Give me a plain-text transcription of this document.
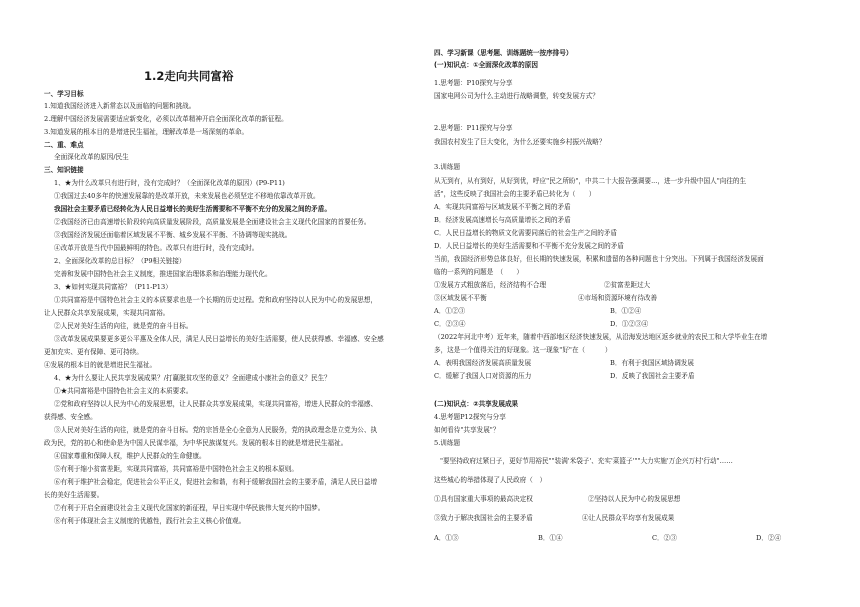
1.2走向共同富裕
一、学习目标
1.知道我国经济进入新常态以及面临的问题和挑战。
2.理解中国经济发展需要适应新变化，必须以改革精神开启全面深化改革的新征程。
3.知道发展的根本目的是增进民生福祉，理解改革是一场深刻的革命。
二、重、难点
全面深化改革的原因/民生
三、知识链接
1、★为什么改革只有进行时，没有完成时？（全面深化改革的原因）(P9-P11)
①我国过去40多年的快速发展靠的是改革开放，未来发展也必须坚定不移地依靠改革开放。
我国社会主要矛盾已经转化为人民日益增长的美好生活需要和不平衡不充分的发展之间的矛盾。
②我国经济已由高速增长阶段转向高质量发展阶段，高质量发展是全面建设社会主义现代化国家的首要任务。
③我国经济发展还面临着区域发展不平衡、城乡发展不平衡、不协调等现实挑战。
④改革开放是当代中国最鲜明的特色。改革只有进行时，没有完成时。
2、全面深化改革的总目标？（P9相关链接）
完善和发展中国特色社会主义制度，推进国家治理体系和治理能力现代化。
3、★如何实现共同富裕？（P11-P13）
①共同富裕是中国特色社会主义的本质要求也是一个长期的历史过程。党和政府坚持以人民为中心的发展思想，
让人民群众共享发展成果，实现共同富裕。
②人民对美好生活的向往，就是党的奋斗目标。
③改革发展成果要更多更公平惠及全体人民，满足人民日益增长的美好生活需要，使人民获得感、幸福感、安全感
更加充实、更有保障、更可持续。
④发展的根本目的就是增进民生福祉。
4、★为什么要让人民共享发展成果？/打赢脱贫攻坚的意义？全面建成小康社会的意义？民生？
①★共同富裕是中国特色社会主义的本质要求。
②党和政府坚持以人民为中心的发展思想，让人民群众共享发展成果，实现共同富裕，增进人民群众的幸福感、
获得感、安全感。
③人民对美好生活的向往，就是党的奋斗目标。党的宗旨是全心全意为人民服务，党的执政理念是立党为公、执
政为民，党的初心和使命是为中国人民谋幸福，为中华民族谋复兴。发展的根本目的就是增进民生福祉。
④国家尊重和保障人权，维护人民群众的生命健康。
⑤有利于缩小贫富差距，实现共同富裕，共同富裕是中国特色社会主义的根本原则。
⑥有利于维护社会稳定，促进社会公平正义，促进社会和谐，有利于缓解我国社会的主要矛盾，满足人民日益增
长的美好生活需要。
⑦有利于开启全面建设社会主义现代化国家的新征程，早日实现中华民族伟大复兴的中国梦。
⑧有利于体现社会主义制度的优越性，践行社会主义核心价值观。
四、学习新课（思考题、训练题统一按序排号）
(一)知识点：①全面深化改革的原因
1.思考题：P10探究与分享
国家电网公司为什么主动进行战略调整，转变发展方式？
2.思考题：P11探究与分享
我国农村发生了巨大变化，为什么还要实施乡村振兴战略？
3.训练题
从无到有，从有到好，从好到优，呼应"民之所盼"，中共二十大报告强调要...，进一步升级中国人"向往的生
活"，这些反映了我国社会的主要矛盾已转化为（　　）
A．实现共同富裕与区域发展不平衡之间的矛盾
B．经济发展高速增长与高质量增长之间的矛盾
C．人民日益增长的物质文化需要同落后的社会生产之间的矛盾
D．人民日益增长的美好生活需要和不平衡不充分发展之间的矛盾
当前，我国经济形势总体良好，但长期的快速发展，积累和遗留的各种问题也十分突出。下列属于我国经济发展面
临的一系列的问题是　（　　）
①发展方式粗放落后，经济结构不合理	②贫富差距过大
③区域发展不平衡	④市场和资源环境有待改善
A．①②③	B．①②④
C．②③④	D．①②③④
（2022年河北中考）近年来，随着中西部地区经济快速发展，从沿海发达地区返乡就业的农民工和大学毕业生在增
多，这是一个值得关注的好现象。这一现象"好"在（　　　）
A．表明我国经济发展高质量发展	B．有利于我国区域协调发展
C．缓解了我国人口对资源的压力	D．反映了我国社会主要矛盾
(二)知识点：②共享发展成果
4.思考题P12探究与分享
如何看待"共享发展"？
5.训练题
"要坚持政府过紧日子，更好节用裕民""装满'米袋子'、充实'菜篮子'""大力实施'万企兴万村'行动"……
这些城心的举措体现了人民政府（　）
①具有国家重大事项的最高决定权	②坚持以人民为中心的发展思想
③致力于解决我国社会的主要矛盾	④让人民群众平均享有发展成果
A．①③	B．①④	C．②③	D．②④
